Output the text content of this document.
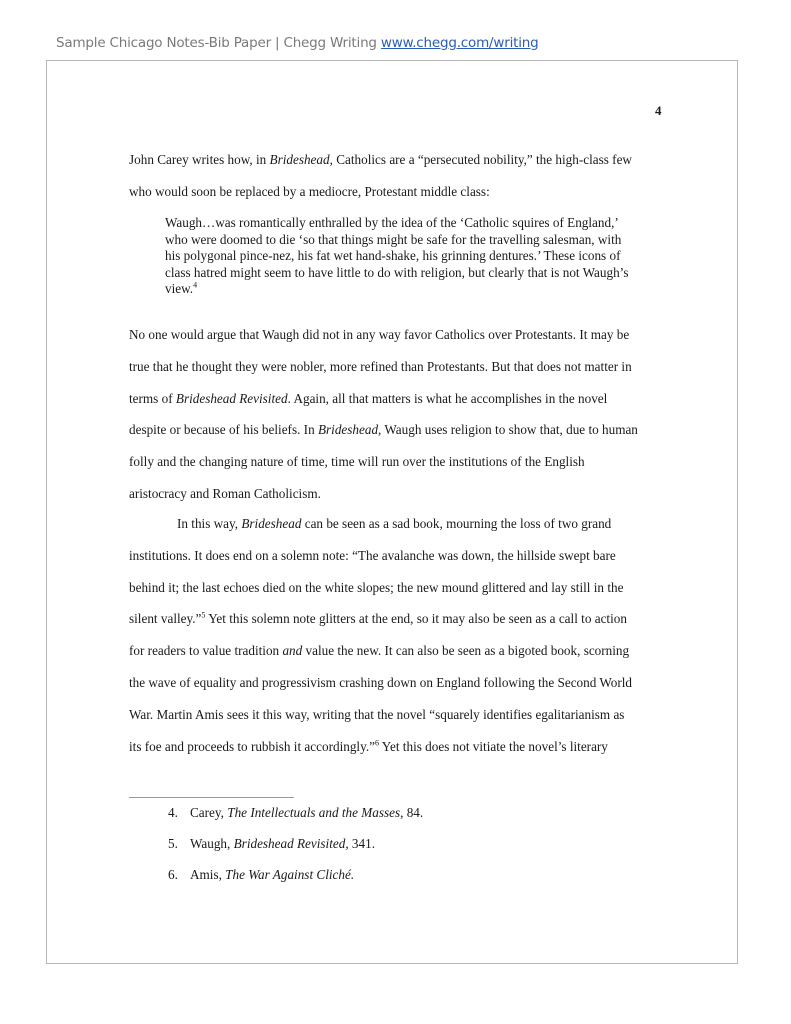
Sample Chicago Notes-Bib Paper | Chegg Writing www.chegg.com/writing
4
John Carey writes how, in Brideshead, Catholics are a “persecuted nobility,” the high-class few
who would soon be replaced by a mediocre, Protestant middle class:
Waugh…was romantically enthralled by the idea of the ‘Catholic squires of England,’
who were doomed to die ‘so that things might be safe for the travelling salesman, with
his polygonal pince-nez, his fat wet hand-shake, his grinning dentures.’ These icons of
class hatred might seem to have little to do with religion, but clearly that is not Waugh’s
view.$^4$
No one would argue that Waugh did not in any way favor Catholics over Protestants. It may be
true that he thought they were nobler, more refined than Protestants. But that does not matter in
terms of Brideshead Revisited. Again, all that matters is what he accomplishes in the novel
despite or because of his beliefs. In Brideshead, Waugh uses religion to show that, due to human
folly and the changing nature of time, time will run over the institutions of the English
aristocracy and Roman Catholicism.
In this way, Brideshead can be seen as a sad book, mourning the loss of two grand
institutions. It does end on a solemn note: “The avalanche was down, the hillside swept bare
behind it; the last echoes died on the white slopes; the new mound glittered and lay still in the
silent valley.”$^5$ Yet this solemn note glitters at the end, so it may also be seen as a call to action
for readers to value tradition and value the new. It can also be seen as a bigoted book, scorning
the wave of equality and progressivism crashing down on England following the Second World
War. Martin Amis sees it this way, writing that the novel “squarely identifies egalitarianism as
its foe and proceeds to rubbish it accordingly.”$^6$ Yet this does not vitiate the novel’s literary
4. Carey, The Intellectuals and the Masses, 84.
5. Waugh, Brideshead Revisited, 341.
6. Amis, The War Against Cliché.
